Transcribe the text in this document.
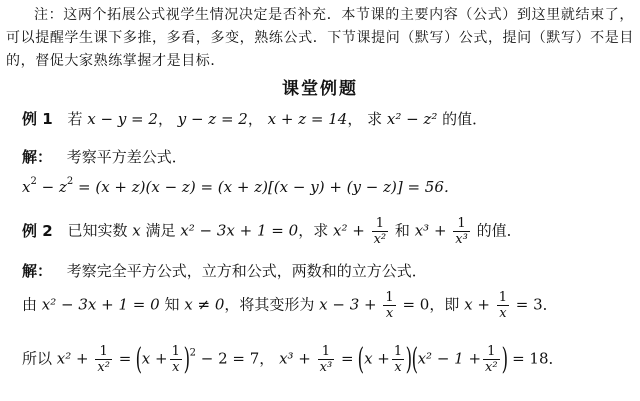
注：这两个拓展公式视学生情况决定是否补充．本节课的主要内容（公式）到这里就结束了，可以提醒学生课下多推，多看，多变，熟练公式．下节课提问（默写）公式，提问（默写）不是目的，督促大家熟练掌握才是目标．
课堂例题
例 1 若 x − y = 2， y − z = 2， x + z = 14， 求 x² − z² 的值．
解： 考察平方差公式．
$x^2 - z^2 = (x + z)(x - z) = (x + z)[(x - y) + (y - z)] = 56$．
例 2 已知实数 x 满足 x² − 3x + 1 = 0，求 $x^2 + \frac{1}{\text{x²}}$ 和 $x^3 + \frac{1}{\text{x³}}$ 的值．
解： 考察完全平方公式，立方和公式，两数和的立方公式．
由 x² − 3x + 1 = 0 知 x ≠ 0，将其变形为 $x - 3 + \frac{1}{x} = 0$，即 $x + \frac{1}{x} = 3$．
所以 $x^2 + \frac{1}{\text{x²}} = (x + \frac{1}{x} )^2 - 2 = 7$， $x^3 + \frac{1}{\text{x³}} = (x + \frac{1}{x} )(x^2 - 1 + \frac{1}{\text{x²}}$ ) = 18．
